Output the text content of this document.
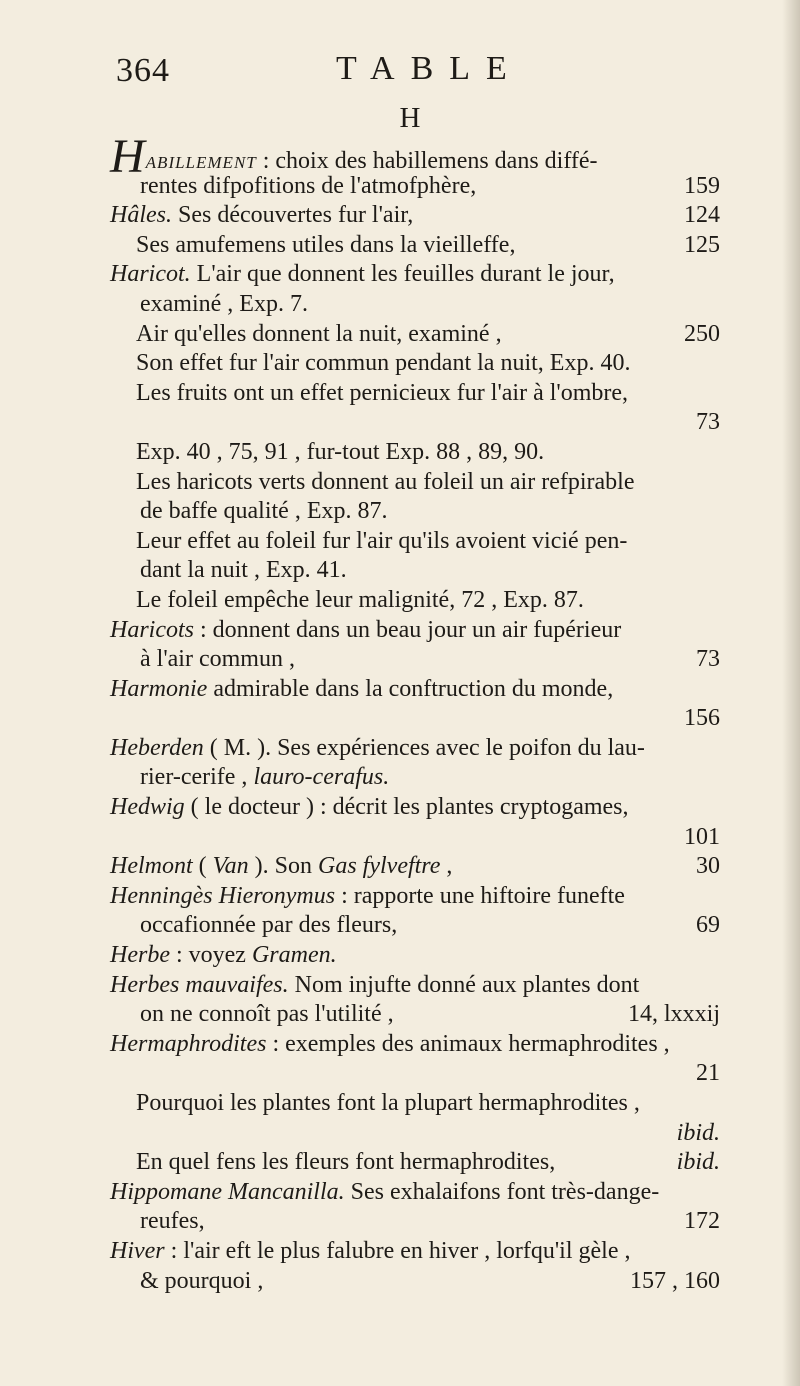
364	TABLE
H
HABILLEMENT : choix des habillemens dans diffé-
rentes difpofitions de l'atmofphère,	159
Hâles. Ses découvertes fur l'air,	124
Ses amufemens utiles dans la vieilleffe,	125
Haricot. L'air que donnent les feuilles durant le jour,
examiné , Exp. 7.
Air qu'elles donnent la nuit, examiné ,	250
Son effet fur l'air commun pendant la nuit, Exp. 40.
Les fruits ont un effet pernicieux fur l'air à l'ombre,
73
Exp. 40 , 75, 91 , fur-tout Exp. 88 , 89, 90.
Les haricots verts donnent au foleil un air refpirable
de baffe qualité , Exp. 87.
Leur effet au foleil fur l'air qu'ils avoient vicié pen-
dant la nuit , Exp. 41.
Le foleil empêche leur malignité, 72 , Exp. 87.
Haricots : donnent dans un beau jour un air fupérieur
à l'air commun ,	73
Harmonie admirable dans la conftruction du monde,
156
Heberden ( M. ). Ses expériences avec le poifon du lau-
rier-cerife , lauro-cerafus.
Hedwig ( le docteur ) : décrit les plantes cryptogames,
101
Helmont ( Van ). Son Gas fylveftre ,	30
Henningès Hieronymus : rapporte une hiftoire funefte
occafionnée par des fleurs,	69
Herbe : voyez Gramen.
Herbes mauvaifes. Nom injufte donné aux plantes dont
on ne connoît pas l'utilité ,	14, lxxxij
Hermaphrodites : exemples des animaux hermaphrodites ,
21
Pourquoi les plantes font la plupart hermaphrodites ,
ibid.
En quel fens les fleurs font hermaphrodites,	ibid.
Hippomane Mancanilla. Ses exhalaifons font très-dange-
reufes,	172
Hiver : l'air eft le plus falubre en hiver , lorfqu'il gèle ,
& pourquoi ,	157 , 160
